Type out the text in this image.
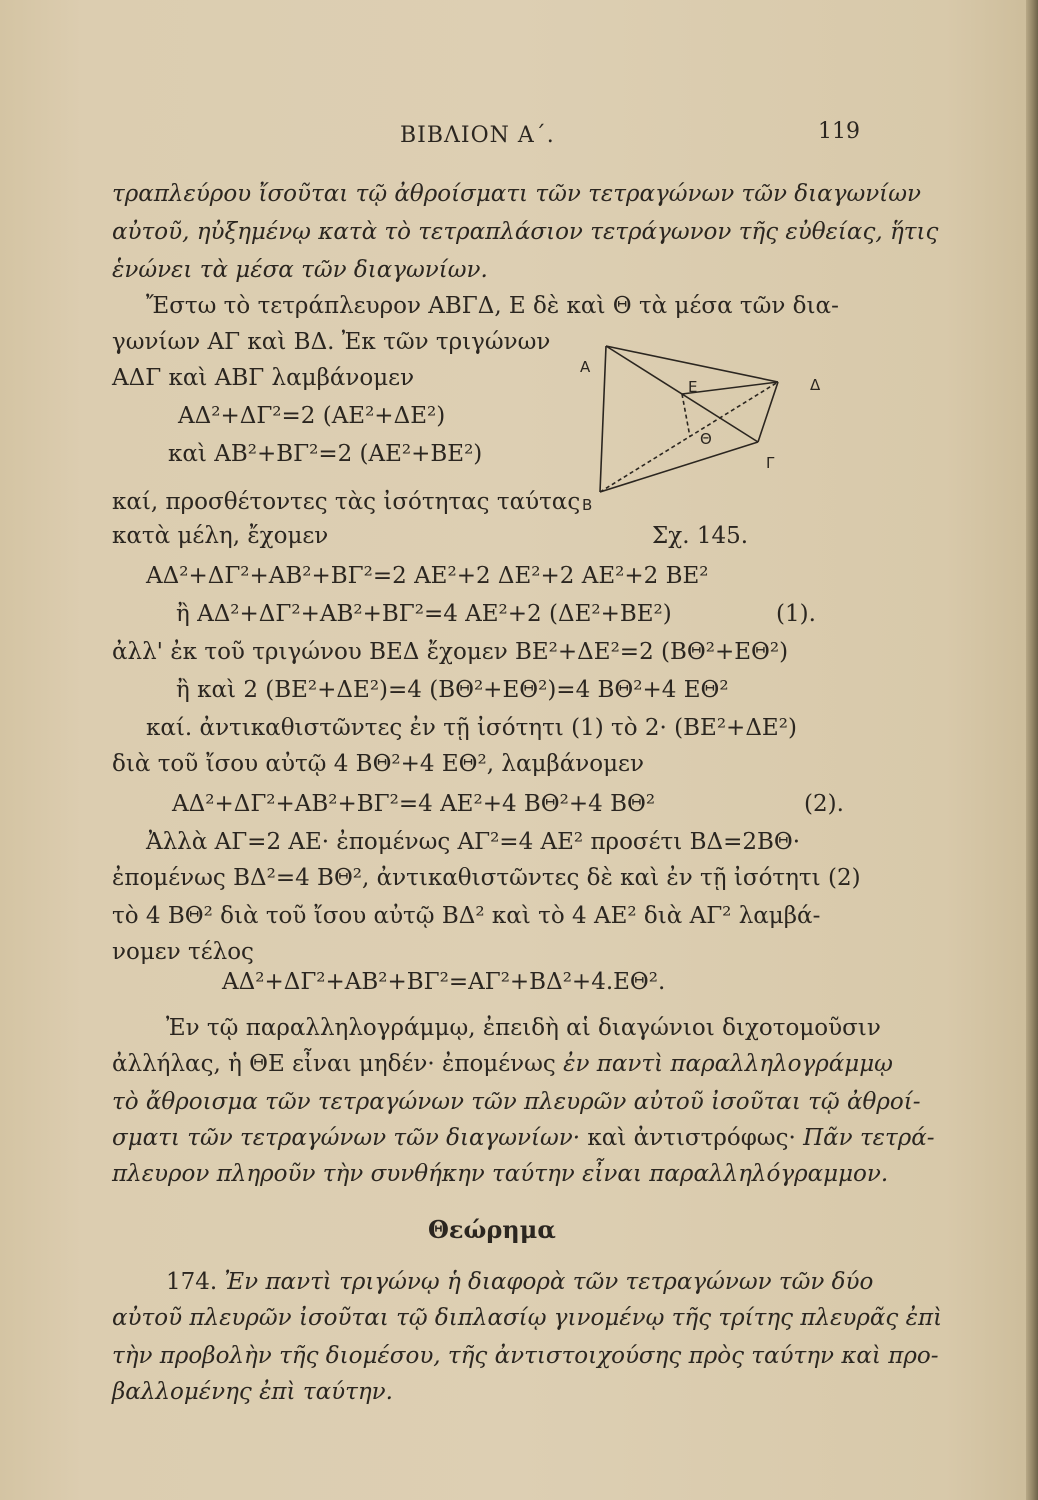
ΒΙΒΛΙΟΝ Α΄.	119
τραπλεύρου ἴσοῦται τῷ ἀθροίσματι τῶν τετραγώνων τῶν διαγωνίων
αὐτοῦ, ηὐξημένῳ κατὰ τὸ τετραπλάσιον τετράγωνον τῆς εὐθείας, ἥτις
ἑνώνει τὰ μέσα τῶν διαγωνίων.
Ἔστω τὸ τετράπλευρον ΑΒΓΔ, Ε δὲ καὶ Θ τὰ μέσα τῶν δια-
γωνίων ΑΓ καὶ ΒΔ. Ἐκ τῶν τριγώνων
ΑΔΓ καὶ ΑΒΓ λαμβάνομεν
ΑΔ²+ΔΓ²=2 (ΑΕ²+ΔΕ²)
καὶ ΑΒ²+ΒΓ²=2 (ΑΕ²+ΒΕ²)
καί, προσθέτοντες τὰς ἰσότητας ταύτας
κατὰ μέλη, ἔχομεν	Σχ. 145.
Α
Β
Γ
Δ
Ε
Θ
ΑΔ²+ΔΓ²+ΑΒ²+ΒΓ²=2 ΑΕ²+2 ΔΕ²+2 ΑΕ²+2 ΒΕ²
ἢ ΑΔ²+ΔΓ²+ΑΒ²+ΒΓ²=4 ΑΕ²+2 (ΔΕ²+ΒΕ²)	(1).
ἀλλ' ἐκ τοῦ τριγώνου ΒΕΔ ἔχομεν ΒΕ²+ΔΕ²=2 (ΒΘ²+ΕΘ²)
ἢ καὶ 2 (ΒΕ²+ΔΕ²)=4 (ΒΘ²+ΕΘ²)=4 ΒΘ²+4 ΕΘ²
καί. ἀντικαθιστῶντες ἐν τῇ ἰσότητι (1) τὸ 2· (ΒΕ²+ΔΕ²)
διὰ τοῦ ἴσου αὐτῷ 4 ΒΘ²+4 ΕΘ², λαμβάνομεν
ΑΔ²+ΔΓ²+ΑΒ²+ΒΓ²=4 ΑΕ²+4 ΒΘ²+4 ΒΘ²	(2).
Ἀλλὰ ΑΓ=2 ΑΕ· ἐπομένως ΑΓ²=4 ΑΕ² προσέτι ΒΔ=2ΒΘ·
ἐπομένως ΒΔ²=4 ΒΘ², ἀντικαθιστῶντες δὲ καὶ ἐν τῇ ἰσότητι (2)
τὸ 4 ΒΘ² διὰ τοῦ ἴσου αὐτῷ ΒΔ² καὶ τὸ 4 ΑΕ² διὰ ΑΓ² λαμβά-
νομεν τέλος
ΑΔ²+ΔΓ²+ΑΒ²+ΒΓ²=ΑΓ²+ΒΔ²+4.ΕΘ².
Ἐν τῷ παραλληλογράμμῳ, ἐπειδὴ αἱ διαγώνιοι διχοτομοῦσιν
ἀλλήλας, ἡ ΘΕ εἶναι μηδέν· ἐπομένως ἐν παντὶ παραλληλογράμμῳ
τὸ ἄθροισμα τῶν τετραγώνων τῶν πλευρῶν αὐτοῦ ἰσοῦται τῷ ἀθροί-
σματι τῶν τετραγώνων τῶν διαγωνίων· καὶ ἀντιστρόφως· Πᾶν τετρά-
πλευρον πληροῦν τὴν συνθήκην ταύτην εἶναι παραλληλόγραμμον.
Θεώρημα
174. Ἐν παντὶ τριγώνῳ ἡ διαφορὰ τῶν τετραγώνων τῶν δύο
αὐτοῦ πλευρῶν ἰσοῦται τῷ διπλασίῳ γινομένῳ τῆς τρίτης πλευρᾶς ἐπὶ
τὴν προβολὴν τῆς διομέσου, τῆς ἀντιστοιχούσης πρὸς ταύτην καὶ προ-
βαλλομένης ἐπὶ ταύτην.
